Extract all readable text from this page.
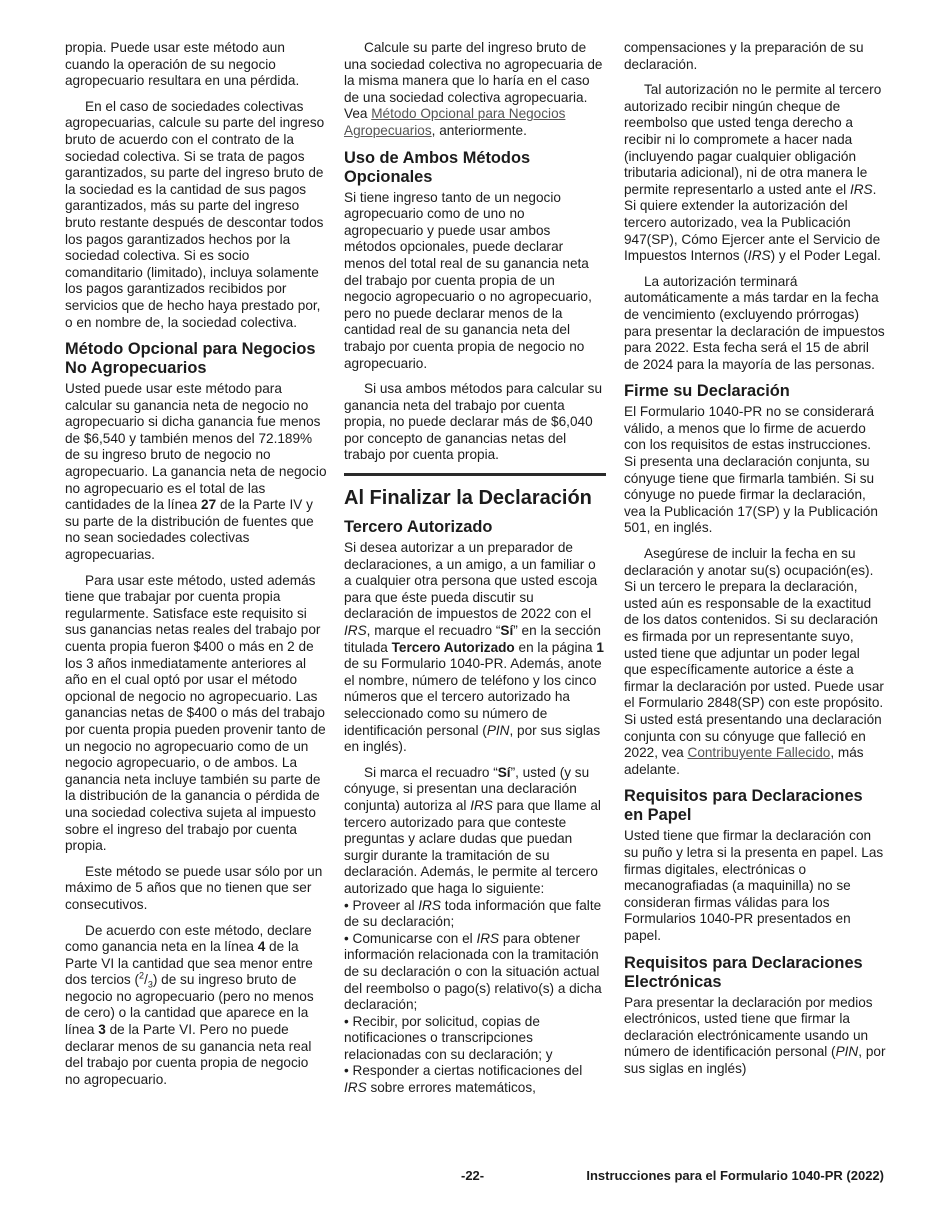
propia. Puede usar este método aun cuando la operación de su negocio agropecuario resultara en una pérdida.

En el caso de sociedades colectivas agropecuarias, calcule su parte del ingreso bruto de acuerdo con el contrato de la sociedad colectiva. Si se trata de pagos garantizados, su parte del ingreso bruto de la sociedad es la cantidad de sus pagos garantizados, más su parte del ingreso bruto restante después de descontar todos los pagos garantizados hechos por la sociedad colectiva. Si es socio comanditario (limitado), incluya solamente los pagos garantizados recibidos por servicios que de hecho haya prestado por, o en nombre de, la sociedad colectiva.

Método Opcional para Negocios No Agropecuarios

Usted puede usar este método para calcular su ganancia neta de negocio no agropecuario si dicha ganancia fue menos de $6,540 y también menos del 72.189% de su ingreso bruto de negocio no agropecuario. La ganancia neta de negocio no agropecuario es el total de las cantidades de la línea 27 de la Parte IV y su parte de la distribución de fuentes que no sean sociedades colectivas agropecuarias.

Para usar este método, usted además tiene que trabajar por cuenta propia regularmente. Satisface este requisito si sus ganancias netas reales del trabajo por cuenta propia fueron $400 o más en 2 de los 3 años inmediatamente anteriores al año en el cual optó por usar el método opcional de negocio no agropecuario. Las ganancias netas de $400 o más del trabajo por cuenta propia pueden provenir tanto de un negocio no agropecuario como de un negocio agropecuario, o de ambos. La ganancia neta incluye también su parte de la distribución de la ganancia o pérdida de una sociedad colectiva sujeta al impuesto sobre el ingreso del trabajo por cuenta propia.

Este método se puede usar sólo por un máximo de 5 años que no tienen que ser consecutivos.

De acuerdo con este método, declare como ganancia neta en la línea 4 de la Parte VI la cantidad que sea menor entre dos tercios $(^2/_3)$ de su ingreso bruto de negocio no agropecuario (pero no menos de cero) o la cantidad que aparece en la línea 3 de la Parte VI. Pero no puede declarar menos de su ganancia neta real del trabajo por cuenta propia de negocio no agropecuario.

Calcule su parte del ingreso bruto de una sociedad colectiva no agropecuaria de la misma manera que lo haría en el caso de una sociedad colectiva agropecuaria. Vea Método Opcional para Negocios Agropecuarios, anteriormente.

Uso de Ambos Métodos Opcionales

Si tiene ingreso tanto de un negocio agropecuario como de uno no agropecuario y puede usar ambos métodos opcionales, puede declarar menos del total real de su ganancia neta del trabajo por cuenta propia de un negocio agropecuario o no agropecuario, pero no puede declarar menos de la cantidad real de su ganancia neta del trabajo por cuenta propia de negocio no agropecuario.

Si usa ambos métodos para calcular su ganancia neta del trabajo por cuenta propia, no puede declarar más de $6,040 por concepto de ganancias netas del trabajo por cuenta propia.

Al Finalizar la Declaración
Tercero Autorizado

Si desea autorizar a un preparador de declaraciones, a un amigo, a un familiar o a cualquier otra persona que usted escoja para que éste pueda discutir su declaración de impuestos de 2022 con el IRS, marque el recuadro “Sí” en la sección titulada Tercero Autorizado en la página 1 de su Formulario 1040-PR. Además, anote el nombre, número de teléfono y los cinco números que el tercero autorizado ha seleccionado como su número de identificación personal (PIN, por sus siglas en inglés).

Si marca el recuadro “Sí”, usted (y su cónyuge, si presentan una declaración conjunta) autoriza al IRS para que llame al tercero autorizado para que conteste preguntas y aclare dudas que puedan surgir durante la tramitación de su declaración. Además, le permite al tercero autorizado que haga lo siguiente:

• Proveer al IRS toda información que falte de su declaración;

• Comunicarse con el IRS para obtener información relacionada con la tramitación de su declaración o con la situación actual del reembolso o pago(s) relativo(s) a dicha declaración;

• Recibir, por solicitud, copias de notificaciones o transcripciones relacionadas con su declaración; y

• Responder a ciertas notificaciones del IRS sobre errores matemáticos,

compensaciones y la preparación de su declaración.

Tal autorización no le permite al tercero autorizado recibir ningún cheque de reembolso que usted tenga derecho a recibir ni lo compromete a hacer nada (incluyendo pagar cualquier obligación tributaria adicional), ni de otra manera le permite representarlo a usted ante el IRS. Si quiere extender la autorización del tercero autorizado, vea la Publicación 947(SP), Cómo Ejercer ante el Servicio de Impuestos Internos (IRS) y el Poder Legal.

La autorización terminará automáticamente a más tardar en la fecha de vencimiento (excluyendo prórrogas) para presentar la declaración de impuestos para 2022. Esta fecha será el 15 de abril de 2024 para la mayoría de las personas.

Firme su Declaración

El Formulario 1040-PR no se considerará válido, a menos que lo firme de acuerdo con los requisitos de estas instrucciones. Si presenta una declaración conjunta, su cónyuge tiene que firmarla también. Si su cónyuge no puede firmar la declaración, vea la Publicación 17(SP) y la Publicación 501, en inglés.

Asegúrese de incluir la fecha en su declaración y anotar su(s) ocupación(es). Si un tercero le prepara la declaración, usted aún es responsable de la exactitud de los datos contenidos. Si su declaración es firmada por un representante suyo, usted tiene que adjuntar un poder legal que específicamente autorice a éste a firmar la declaración por usted. Puede usar el Formulario 2848(SP) con este propósito. Si usted está presentando una declaración conjunta con su cónyuge que falleció en 2022, vea Contribuyente Fallecido, más adelante.

Requisitos para Declaraciones en Papel

Usted tiene que firmar la declaración con su puño y letra si la presenta en papel. Las firmas digitales, electrónicas o mecanografiadas (a maquinilla) no se consideran firmas válidas para los Formularios 1040-PR presentados en papel.

Requisitos para Declaraciones Electrónicas

Para presentar la declaración por medios electrónicos, usted tiene que firmar la declaración electrónicamente usando un número de identificación personal (PIN, por sus siglas en inglés)

-22-	Instrucciones para el Formulario 1040-PR (2022)
